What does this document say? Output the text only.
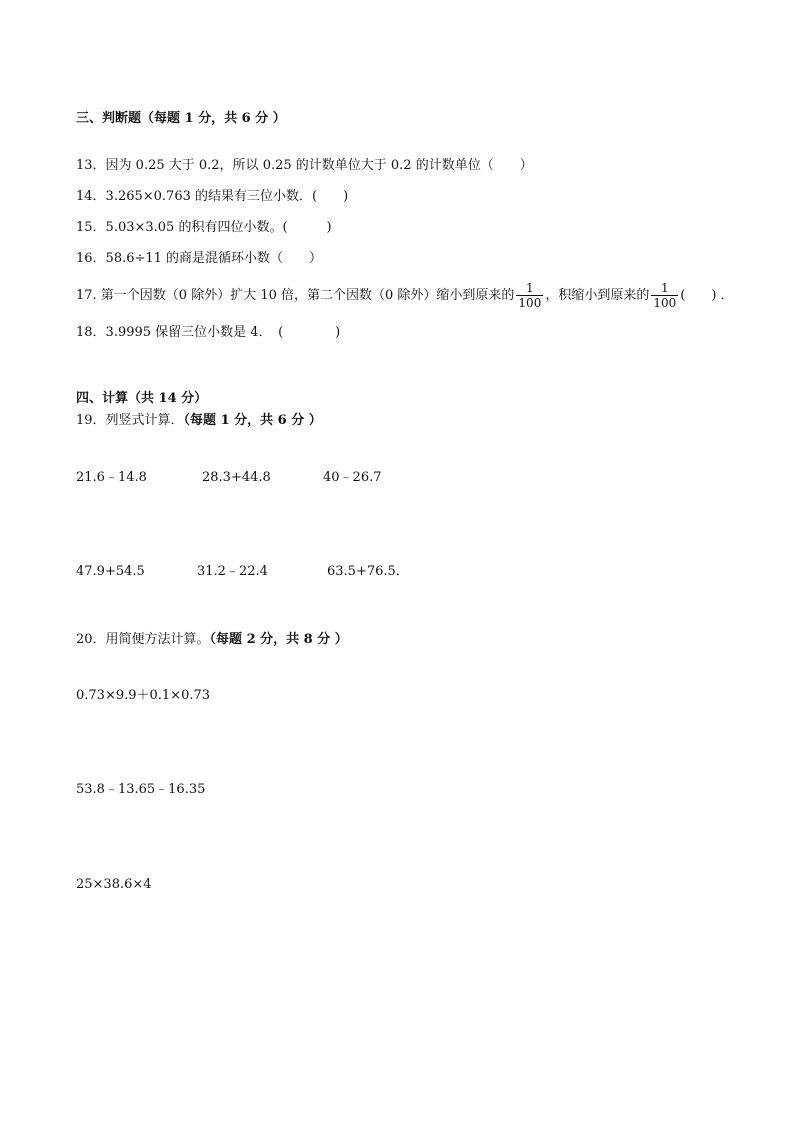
三、判断题（每题 1 分，共 6 分 ）
13．因为 0.25 大于 0.2，所以 0.25 的计数单位大于 0.2 的计数单位（　　）
14．3.265×0.763 的结果有三位小数．(　　)
15．5.03×3.05 的积有四位小数。(　　　)
16．58.6÷11 的商是混循环小数（　　）
17. 第一个因数（0 除外）扩大 10 倍，第二个因数（0 除外）缩小到原来的 $\frac{1}{100}$ ，积缩小到原来的 $\frac{1}{100}$ (　　) ．
18．3.9995 保留三位小数是 4．　(　　　　)
四、计算（共 14 分）
19．列竖式计算．（每题 1 分，共 6 分 ）
21.6﹣14.8	28.3+44.8	40﹣26.7
47.9+54.5	31.2﹣22.4	63.5+76.5．
20．用简便方法计算。（每题 2 分，共 8 分 ）
0.73×9.9＋0.1×0.73
53.8﹣13.65﹣16.35
25×38.6×4
